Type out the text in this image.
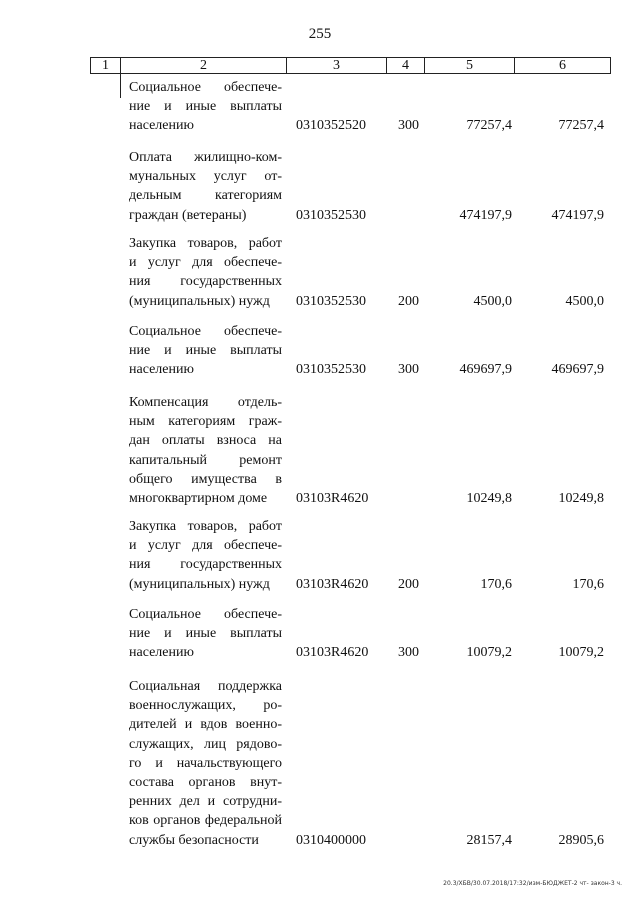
255
1	2	3	4	5	6
Социальное обеспече-
ние и иные выплаты
населению	0310352520 300	77257,4	77257,4
Оплата жилищно-ком-
мунальных услуг от-
дельным категориям
граждан (ветераны)	0310352530	474197,9	474197,9
Закупка товаров, работ
и услуг для обеспече-
ния государственных
(муниципальных) нужд	0310352530 200	4500,0	4500,0
Социальное обеспече-
ние и иные выплаты
населению	0310352530 300	469697,9	469697,9
Компенсация отдель-
ным категориям граж-
дан оплаты взноса на
капитальный ремонт
общего имущества в
многоквартирном доме	03103R4620	10249,8	10249,8
Закупка товаров, работ
и услуг для обеспече-
ния государственных
(муниципальных) нужд	03103R4620 200	170,6	170,6
Социальное обеспече-
ние и иные выплаты
населению	03103R4620 300	10079,2	10079,2
Социальная поддержка
военнослужащих, ро-
дителей и вдов военно-
служащих, лиц рядово-
го и начальствующего
состава органов внут-
ренних дел и сотрудни-
ков органов федеральной
службы безопасности	0310400000	28157,4	28905,6
20.3/ХБВ/30.07.2018/17:32/изм-БЮДЖЕТ-2 чт- закон-3 ч.
